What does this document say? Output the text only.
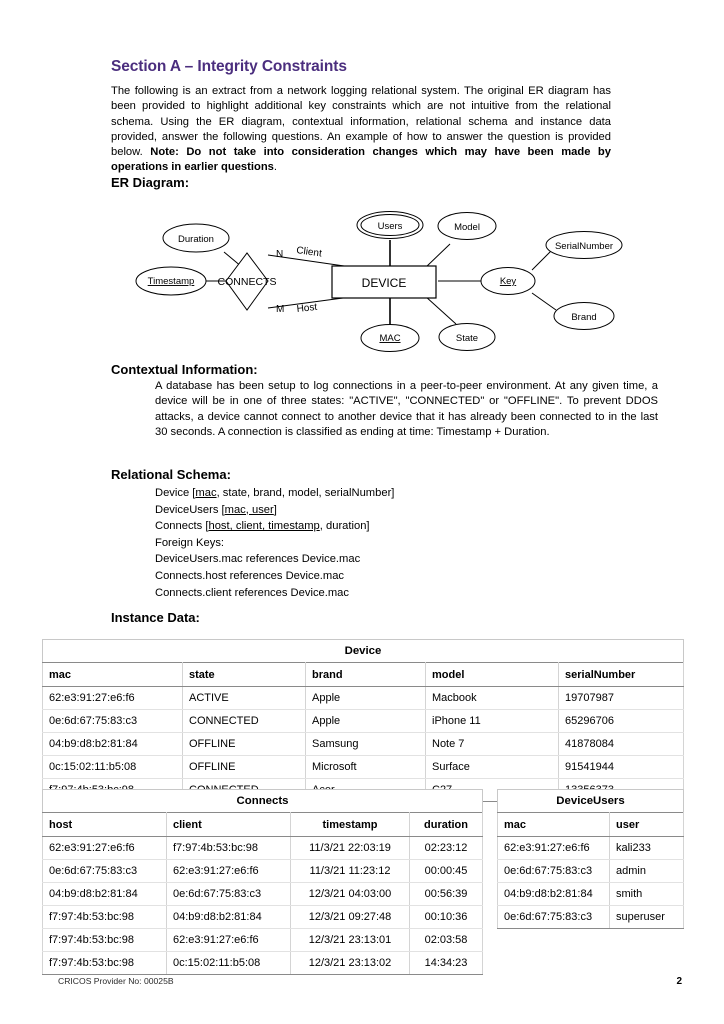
Section A – Integrity Constraints
The following is an extract from a network logging relational system. The original ER diagram has been provided to highlight additional key constraints which are not intuitive from the relational schema. Using the ER diagram, contextual information, relational schema and instance data provided, answer the following questions. An example of how to answer the question is provided below. Note: Do not take into consideration changes which may have been made by operations in earlier questions.
ER Diagram:
DEVICE
CONNECTS
Duration
Timestamp
Users	Model
Key
SerialNumber
Brand
MAC	State
N Client
M Host
Contextual Information:
A database has been setup to log connections in a peer-to-peer environment. At any given time, a device will be in one of three states: "ACTIVE", "CONNECTED" or "OFFLINE". To prevent DDOS attacks, a device cannot connect to another device that it has already been connected to in the last 30 seconds. A connection is classified as ending at time: Timestamp + Duration.
Relational Schema:
Device [mac, state, brand, model, serialNumber]
DeviceUsers [mac, user]
Connects [host, client, timestamp, duration]
Foreign Keys:
DeviceUsers.mac references Device.mac
Connects.host references Device.mac
Connects.client references Device.mac
Instance Data:
Device
mac	state	brand	model	serialNumber
62:e3:91:27:e6:f6	ACTIVE	Apple	Macbook	19707987
0e:6d:67:75:83:c3	CONNECTED	Apple	iPhone 11	65296706
04:b9:d8:b2:81:84	OFFLINE	Samsung	Note 7	41878084
0c:15:02:11:b5:08	OFFLINE	Microsoft	Surface	91541944

Connects
host	client	timestamp	duration
62:e3:91:27:e6:f6	f7:97:4b:53:bc:98	11/3/21 22:03:19	02:23:12
0e:6d:67:75:83:c3	62:e3:91:27:e6:f6	11/3/21 11:23:12	00:00:45
04:b9:d8:b2:81:84	0e:6d:67:75:83:c3	12/3/21 04:03:00	00:56:39
f7:97:4b:53:bc:98	04:b9:d8:b2:81:84	12/3/21 09:27:48	00:10:36
f7:97:4b:53:bc:98	62:e3:91:27:e6:f6	12/3/21 23:13:01	02:03:58
f7:97:4b:53:bc:98	0c:15:02:11:b5:08	12/3/21 23:13:02	14:34:23
DeviceUsers
mac	user
62:e3:91:27:e6:f6	kali233
0e:6d:67:75:83:c3	admin
04:b9:d8:b2:81:84	smith
0e:6d:67:75:83:c3	superuser
CRICOS Provider No: 00025B	2
